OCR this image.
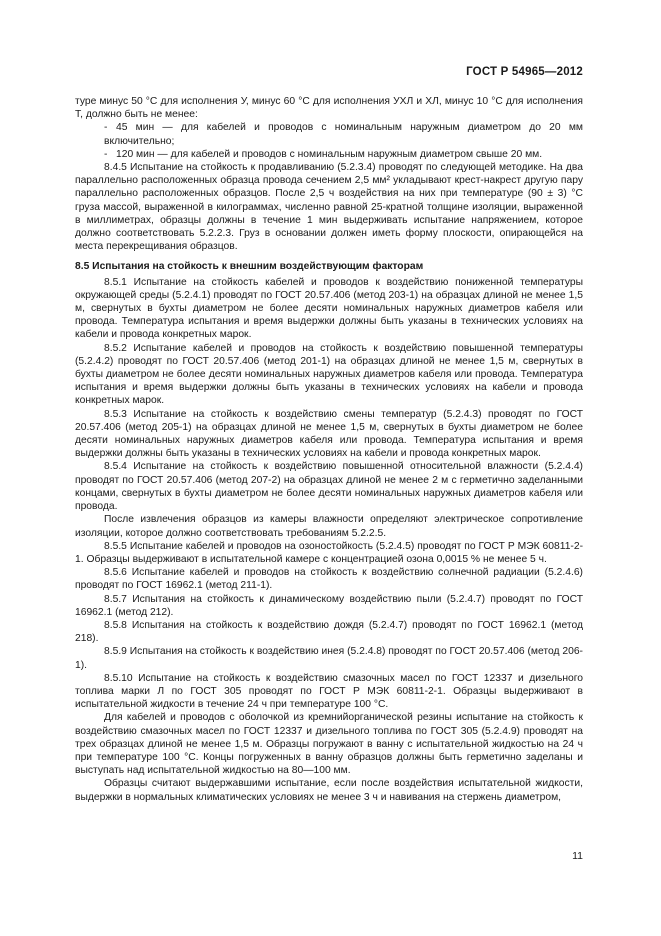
ГОСТ Р 54965—2012

туре минус 50 °С для исполнения У, минус 60 °С для исполнения УХЛ и ХЛ, минус 10 °С для исполнения Т, должно быть не менее:

- 45 мин — для кабелей и проводов с номинальным наружным диаметром до 20 мм включительно;

- 120 мин — для кабелей и проводов с номинальным наружным диаметром свыше 20 мм.

8.4.5 Испытание на стойкость к продавливанию (5.2.3.4) проводят по следующей методике. На два параллельно расположенных образца провода сечением 2,5 мм² укладывают крест-накрест другую пару параллельно расположенных образцов. После 2,5 ч воздействия на них при температуре (90 ± 3) °С груза массой, выраженной в килограммах, численно равной 25-кратной толщине изоляции, выраженной в миллиметрах, образцы должны в течение 1 мин выдерживать испытание напряжением, которое должно соответствовать 5.2.2.3. Груз в основании должен иметь форму плоскости, опирающейся на места перекрещивания образцов.

8.5 Испытания на стойкость к внешним воздействующим факторам

8.5.1 Испытание на стойкость кабелей и проводов к воздействию пониженной температуры окружающей среды (5.2.4.1) проводят по ГОСТ 20.57.406 (метод 203-1) на образцах длиной не менее 1,5 м, свернутых в бухты диаметром не более десяти номинальных наружных диаметров кабеля или провода. Температура испытания и время выдержки должны быть указаны в технических условиях на кабели и провода конкретных марок.

8.5.2 Испытание кабелей и проводов на стойкость к воздействию повышенной температуры (5.2.4.2) проводят по ГОСТ 20.57.406 (метод 201-1) на образцах длиной не менее 1,5 м, свернутых в бухты диаметром не более десяти номинальных наружных диаметров кабеля или провода. Температура испытания и время выдержки должны быть указаны в технических условиях на кабели и провода конкретных марок.

8.5.3 Испытание на стойкость к воздействию смены температур (5.2.4.3) проводят по ГОСТ 20.57.406 (метод 205-1) на образцах длиной не менее 1,5 м, свернутых в бухты диаметром не более десяти номинальных наружных диаметров кабеля или провода. Температура испытания и время выдержки должны быть указаны в технических условиях на кабели и провода конкретных марок.

8.5.4 Испытание на стойкость к воздействию повышенной относительной влажности (5.2.4.4) проводят по ГОСТ 20.57.406 (метод 207-2) на образцах длиной не менее 2 м с герметично заделанными концами, свернутых в бухты диаметром не более десяти номинальных наружных диаметров кабеля или провода.

После извлечения образцов из камеры влажности определяют электрическое сопротивление изоляции, которое должно соответствовать требованиям 5.2.2.5.

8.5.5 Испытание кабелей и проводов на озоностойкость (5.2.4.5) проводят по ГОСТ Р МЭК 60811-2-1. Образцы выдерживают в испытательной камере с концентрацией озона 0,0015 % не менее 5 ч.

8.5.6 Испытание кабелей и проводов на стойкость к воздействию солнечной радиации (5.2.4.6) проводят по ГОСТ 16962.1 (метод 211-1).

8.5.7 Испытания на стойкость к динамическому воздействию пыли (5.2.4.7) проводят по ГОСТ 16962.1 (метод 212).

8.5.8 Испытания на стойкость к воздействию дождя (5.2.4.7) проводят по ГОСТ 16962.1 (метод 218).

8.5.9 Испытания на стойкость к воздействию инея (5.2.4.8) проводят по ГОСТ 20.57.406 (метод 206-1).

8.5.10 Испытание на стойкость к воздействию смазочных масел по ГОСТ 12337 и дизельного топлива марки Л по ГОСТ 305 проводят по ГОСТ Р МЭК 60811-2-1. Образцы выдерживают в испытательной жидкости в течение 24 ч при температуре 100 °С.

Для кабелей и проводов с оболочкой из кремнийорганической резины испытание на стойкость к воздействию смазочных масел по ГОСТ 12337 и дизельного топлива по ГОСТ 305 (5.2.4.9) проводят на трех образцах длиной не менее 1,5 м. Образцы погружают в ванну с испытательной жидкостью на 24 ч при температуре 100 °С. Концы погруженных в ванну образцов должны быть герметично заделаны и выступать над испытательной жидкостью на 80—100 мм.

Образцы считают выдержавшими испытание, если после воздействия испытательной жидкости, выдержки в нормальных климатических условиях не менее 3 ч и навивания на стержень диаметром,

11
